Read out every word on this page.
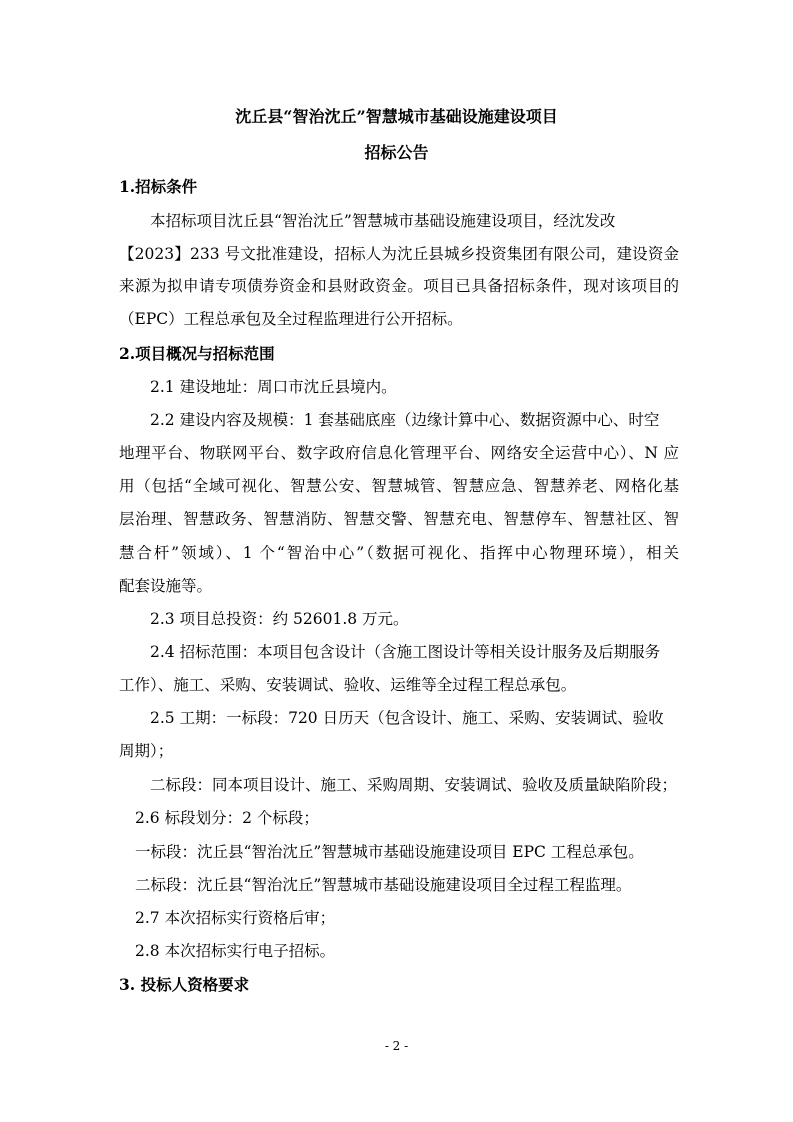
沈丘县“智治沈丘”智慧城市基础设施建设项目
招标公告
1.招标条件
本招标项目沈丘县“智治沈丘”智慧城市基础设施建设项目，经沈发改
【2023】233 号文批准建设，招标人为沈丘县城乡投资集团有限公司，建设资金
来源为拟申请专项债券资金和县财政资金。项目已具备招标条件，现对该项目的
（EPC）工程总承包及全过程监理进行公开招标。
2.项目概况与招标范围
2.1 建设地址：周口市沈丘县境内。
2.2 建设内容及规模：1 套基础底座（边缘计算中心、数据资源中心、时空
地理平台、物联网平台、数字政府信息化管理平台、网络安全运营中心）、N 应
用（包括“全域可视化、智慧公安、智慧城管、智慧应急、智慧养老、网格化基
层治理、智慧政务、智慧消防、智慧交警、智慧充电、智慧停车、智慧社区、智
慧合杆”领域）、1 个“智治中心”（数据可视化、指挥中心物理环境），相关
配套设施等。
2.3 项目总投资：约 52601.8 万元。
2.4 招标范围：本项目包含设计（含施工图设计等相关设计服务及后期服务
工作）、施工、采购、安装调试、验收、运维等全过程工程总承包。
2.5 工期：一标段：720 日历天（包含设计、施工、采购、安装调试、验收
周期）；
二标段：同本项目设计、施工、采购周期、安装调试、验收及质量缺陷阶段；
2.6 标段划分：2 个标段；
一标段：沈丘县“智治沈丘”智慧城市基础设施建设项目 EPC 工程总承包。
二标段：沈丘县“智治沈丘”智慧城市基础设施建设项目全过程工程监理。
2.7 本次招标实行资格后审；
2.8 本次招标实行电子招标。
3. 投标人资格要求
- 2 -
